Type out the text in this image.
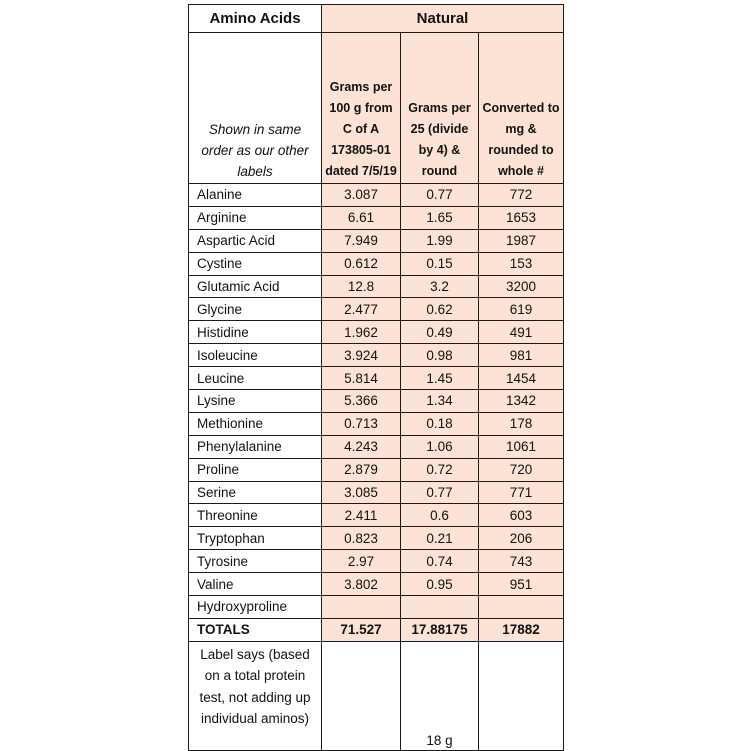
Amino Acids	Natural		
Shown in same order as our other labels	Grams per 100 g from C of A 173805-01 dated 7/5/19	Grams per 25 (divide by 4) & round	Converted to mg & rounded to whole #
Alanine	3.087	0.77	772
Arginine	6.61	1.65	1653
Aspartic Acid	7.949	1.99	1987
Cystine	0.612	0.15	153
Glutamic Acid	12.8	3.2	3200
Glycine	2.477	0.62	619
Histidine	1.962	0.49	491
Isoleucine	3.924	0.98	981
Leucine	5.814	1.45	1454
Lysine	5.366	1.34	1342
Methionine	0.713	0.18	178
Phenylalanine	4.243	1.06	1061
Proline	2.879	0.72	720
Serine	3.085	0.77	771
Threonine	2.411	0.6	603
Tryptophan	0.823	0.21	206
Tyrosine	2.97	0.74	743
Valine	3.802	0.95	951
Hydroxyproline			
TOTALS	71.527	17.88175	17882
Label says (based on a total protein test, not adding up individual aminos)		18 g	
